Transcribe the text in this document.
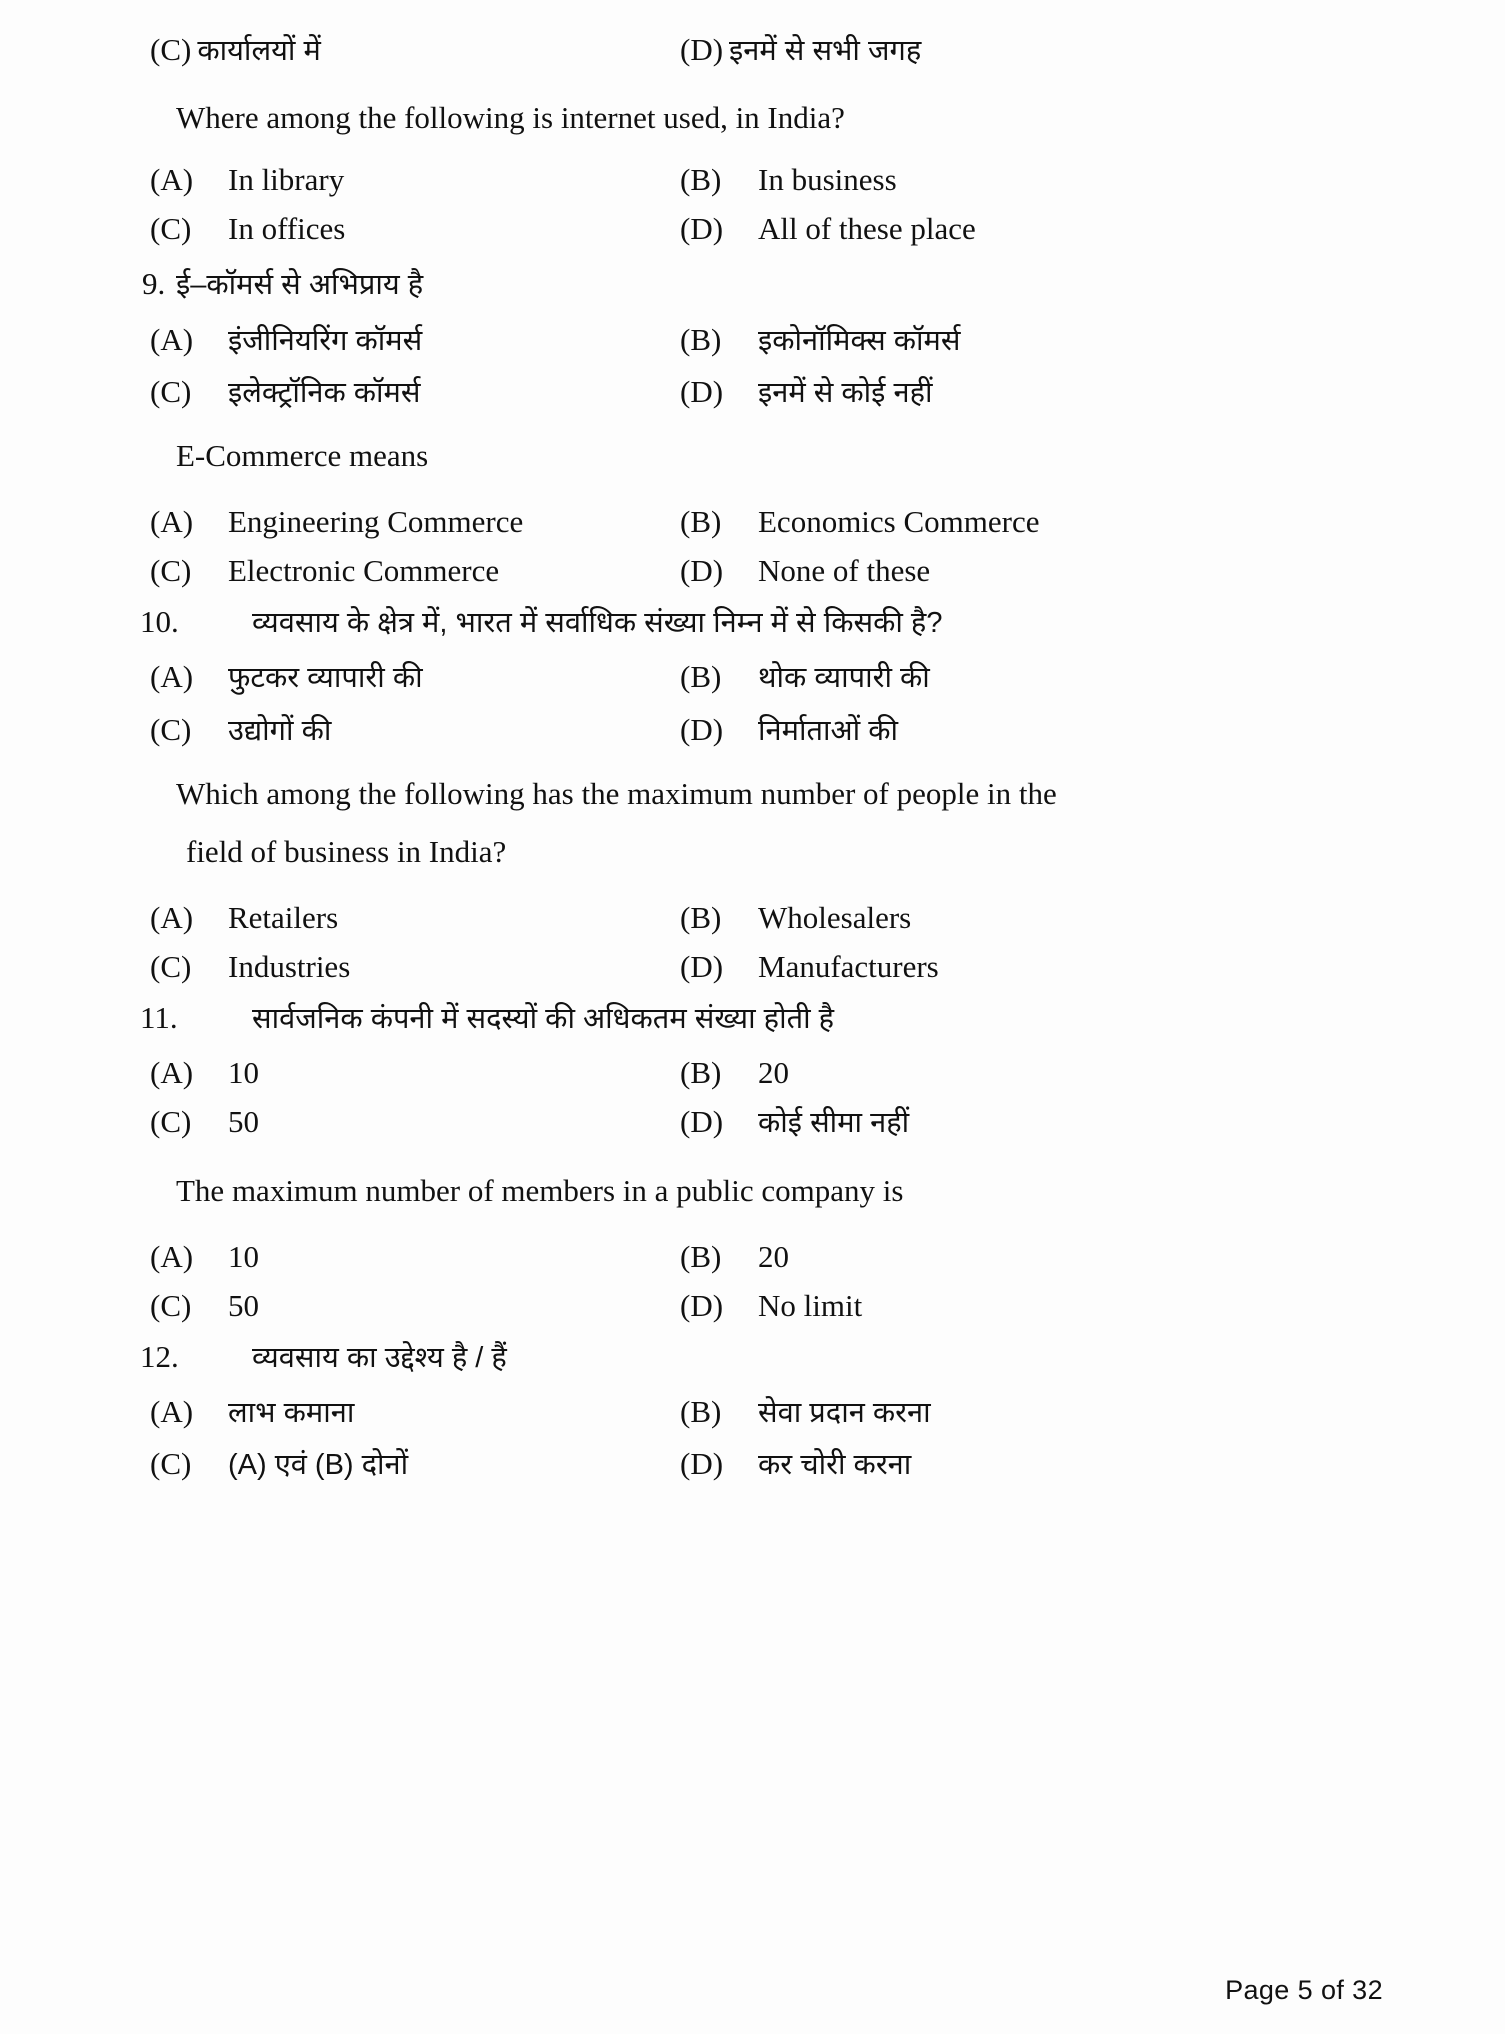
(C) कार्यालयों में	(D) इनमें से सभी जगह
Where among the following is internet used, in India?
(A)	In library	(B)	In business
(C)	In offices	(D)	All of these place
9. ई–कॉमर्स से अभिप्राय है
(A)	इंजीनियरिंग कॉमर्स	(B)	इकोनॉमिक्स कॉमर्स
(C)	इलेक्ट्रॉनिक कॉमर्स	(D)	इनमें से कोई नहीं
E-Commerce means
(A)	Engineering Commerce	(B)	Economics Commerce
(C)	Electronic Commerce	(D)	None of these
10.	व्यवसाय के क्षेत्र में, भारत में सर्वाधिक संख्या निम्न में से किसकी है?
(A)	फुटकर व्यापारी की	(B)	थोक व्यापारी की
(C)	उद्योगों की	(D)	निर्माताओं की
Which among the following has the maximum number of people in the
field of business in India?
(A)	Retailers	(B)	Wholesalers
(C)	Industries	(D)	Manufacturers
11.	सार्वजनिक कंपनी में सदस्यों की अधिकतम संख्या होती है
(A)	10	(B)	20
(C)	50	(D)	कोई सीमा नहीं
The maximum number of members in a public company is
(A)	10	(B)	20
(C)	50	(D)	No limit
12.	व्यवसाय का उद्देश्य है / हैं
(A)	लाभ कमाना	(B)	सेवा प्रदान करना
(C)	(A) एवं (B) दोनों	(D)	कर चोरी करना
Page 5 of 32
